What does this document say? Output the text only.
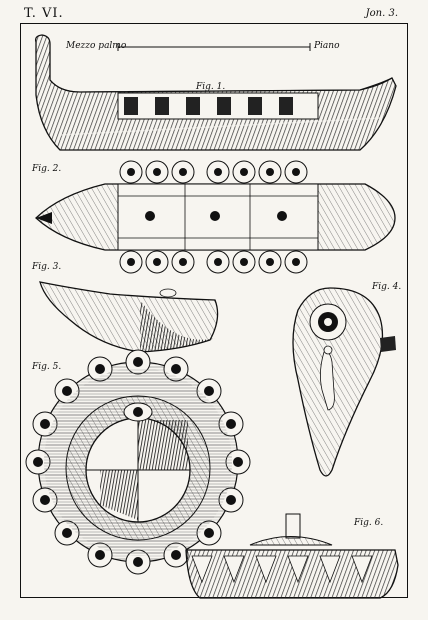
T. VI.	Jon. 3.
Mezzo palmo	Piano
Fig. 1.
Fig. 2.
Fig. 3.
Fig. 4.
Fig. 5.
Fig. 6.
